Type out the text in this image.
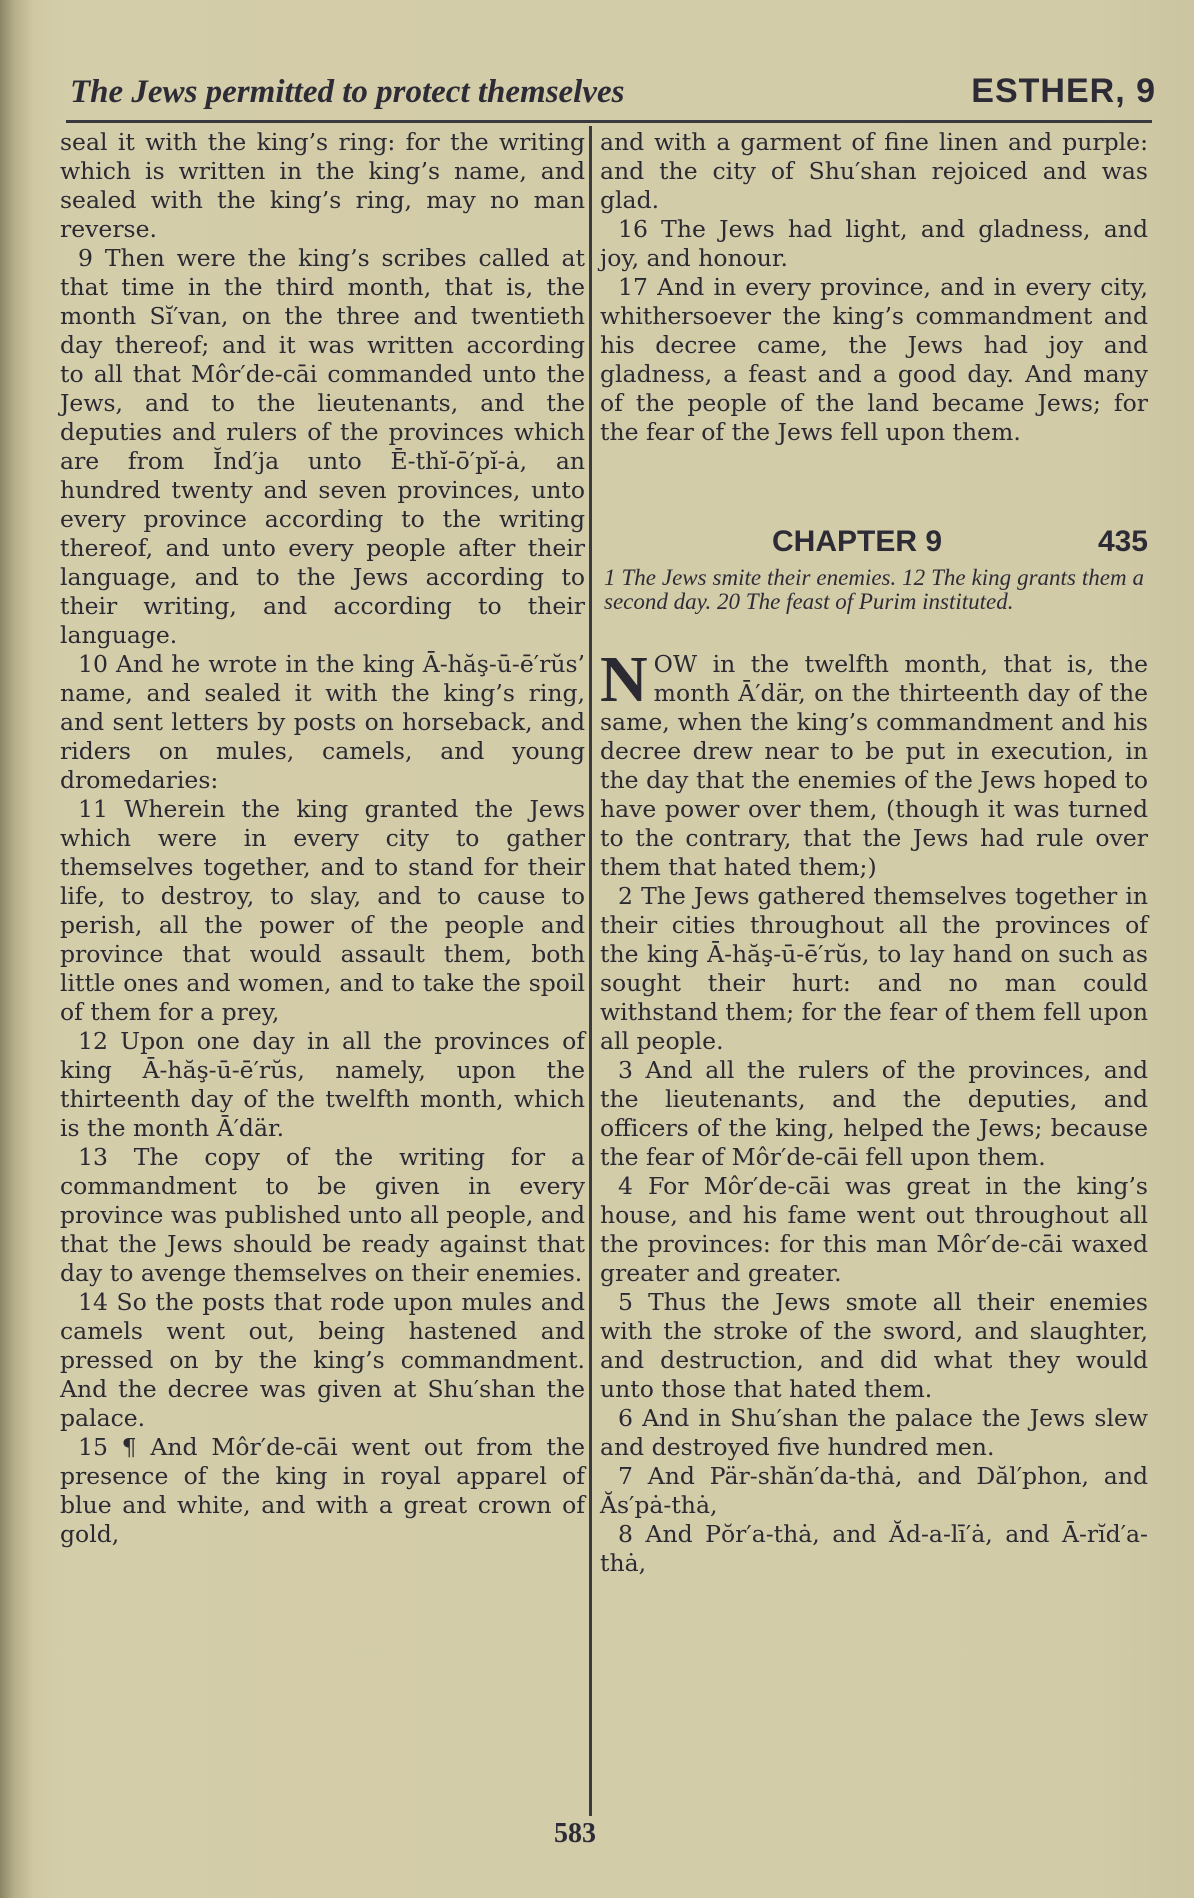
The Jews permitted to protect themselves	ESTHER, 9

seal it with the king’s ring: for the writing which is written in the king’s name, and sealed with the king’s ring, may no man reverse.

9 Then were the king’s scribes called at that time in the third month, that is, the month Sĭ′van, on the three and twentieth day thereof; and it was written according to all that Môr′de-cāi commanded unto the Jews, and to the lieutenants, and the deputies and rulers of the provinces which are from Ĭnd′ja unto Ē-thĭ-ō′pĭ-ȧ, an hundred twenty and seven provinces, unto every province according to the writing thereof, and unto every people after their language, and to the Jews according to their writing, and according to their language.

10 And he wrote in the king Ā-hăş-ū-ē′rŭs’ name, and sealed it with the king’s ring, and sent letters by posts on horseback, and riders on mules, camels, and young dromedaries:

11 Wherein the king granted the Jews which were in every city to gather themselves together, and to stand for their life, to destroy, to slay, and to cause to perish, all the power of the people and province that would assault them, both little ones and women, and to take the spoil of them for a prey,

12 Upon one day in all the provinces of king Ā-hăş-ū-ē′rŭs, namely, upon the thirteenth day of the twelfth month, which is the month Ā′där.

13 The copy of the writing for a commandment to be given in every province was published unto all people, and that the Jews should be ready against that day to avenge themselves on their enemies.

14 So the posts that rode upon mules and camels went out, being hastened and pressed on by the king’s commandment. And the decree was given at Shu′shan the palace.

15 ¶ And Môr′de-cāi went out from the presence of the king in royal apparel of blue and white, and with a great crown of gold,

and with a garment of fine linen and purple: and the city of Shu′shan rejoiced and was glad.

16 The Jews had light, and gladness, and joy, and honour.

17 And in every province, and in every city, whithersoever the king’s commandment and his decree came, the Jews had joy and gladness, a feast and a good day. And many of the people of the land became Jews; for the fear of the Jews fell upon them.

CHAPTER 9	435
1 The Jews smite their enemies. 12 The king grants them a second day. 20 The feast of Purim instituted.

NOW in the twelfth month, that is, the month Ā′där, on the thirteenth day of the same, when the king’s commandment and his decree drew near to be put in execution, in the day that the enemies of the Jews hoped to have power over them, (though it was turned to the contrary, that the Jews had rule over them that hated them;)

2 The Jews gathered themselves together in their cities throughout all the provinces of the king Ā-hăş-ū-ē′rŭs, to lay hand on such as sought their hurt: and no man could withstand them; for the fear of them fell upon all people.

3 And all the rulers of the provinces, and the lieutenants, and the deputies, and officers of the king, helped the Jews; because the fear of Môr′de-cāi fell upon them.

4 For Môr′de-cāi was great in the king’s house, and his fame went out throughout all the provinces: for this man Môr′de-cāi waxed greater and greater.

5 Thus the Jews smote all their enemies with the stroke of the sword, and slaughter, and destruction, and did what they would unto those that hated them.

6 And in Shu′shan the palace the Jews slew and destroyed five hundred men.

7 And Pär-shăn′da-thȧ, and Dăl′phon, and Ăs′pȧ-thȧ,

8 And Pŏr′a-thȧ, and Ăd-a-lī′ȧ, and Ā-rĭd′a-thȧ,

583
